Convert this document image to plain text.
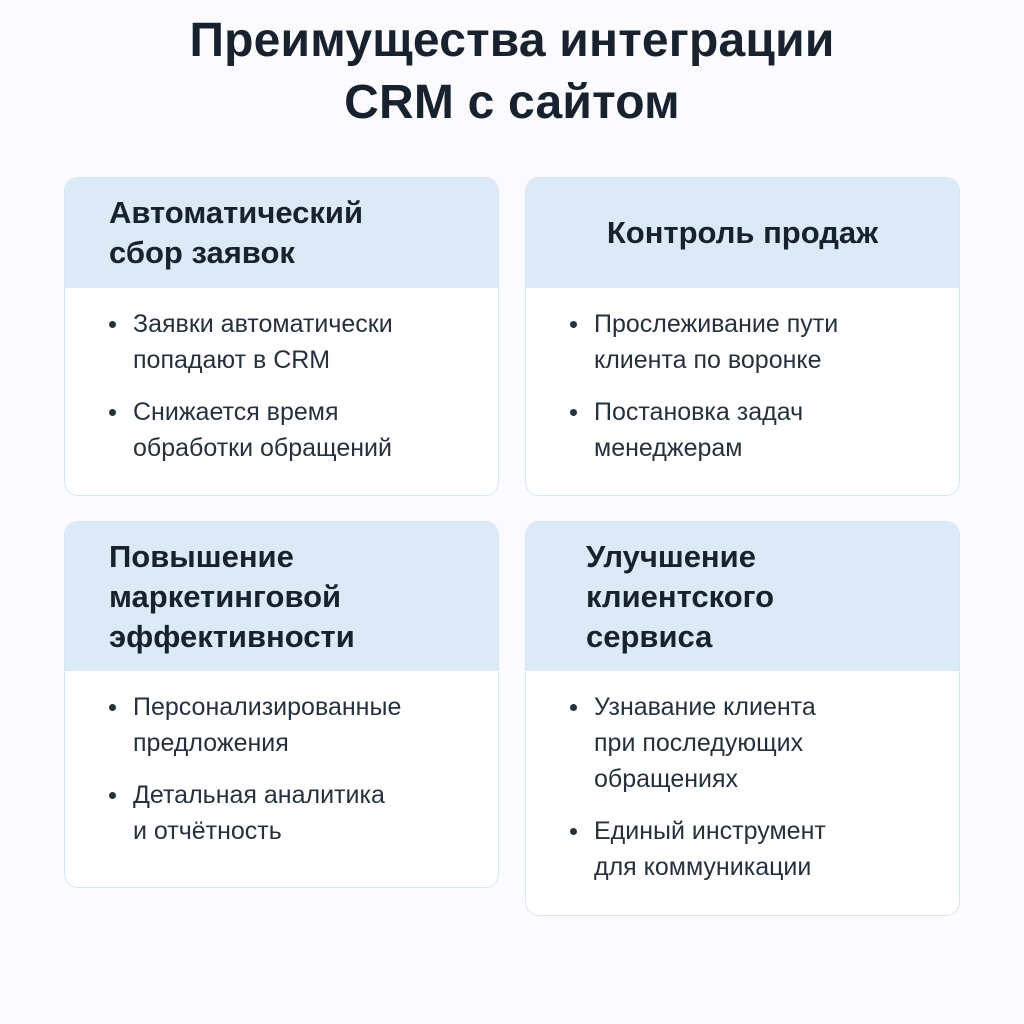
Преимущества интеграции
CRM с сайтом
Автоматический
сбор заявок
Заявки автоматически
попадают в CRM
Снижается время
обработки обращений
Контроль продаж
Прослеживание пути
клиента по воронке
Постановка задач
менеджерам
Повышение
маркетинговой
эффективности
Персонализированные
предложения
Детальная аналитика
и отчётность
Улучшение
клиентского
сервиса
Узнавание клиента
при последующих
обращениях
Единый инструмент
для коммуникации
